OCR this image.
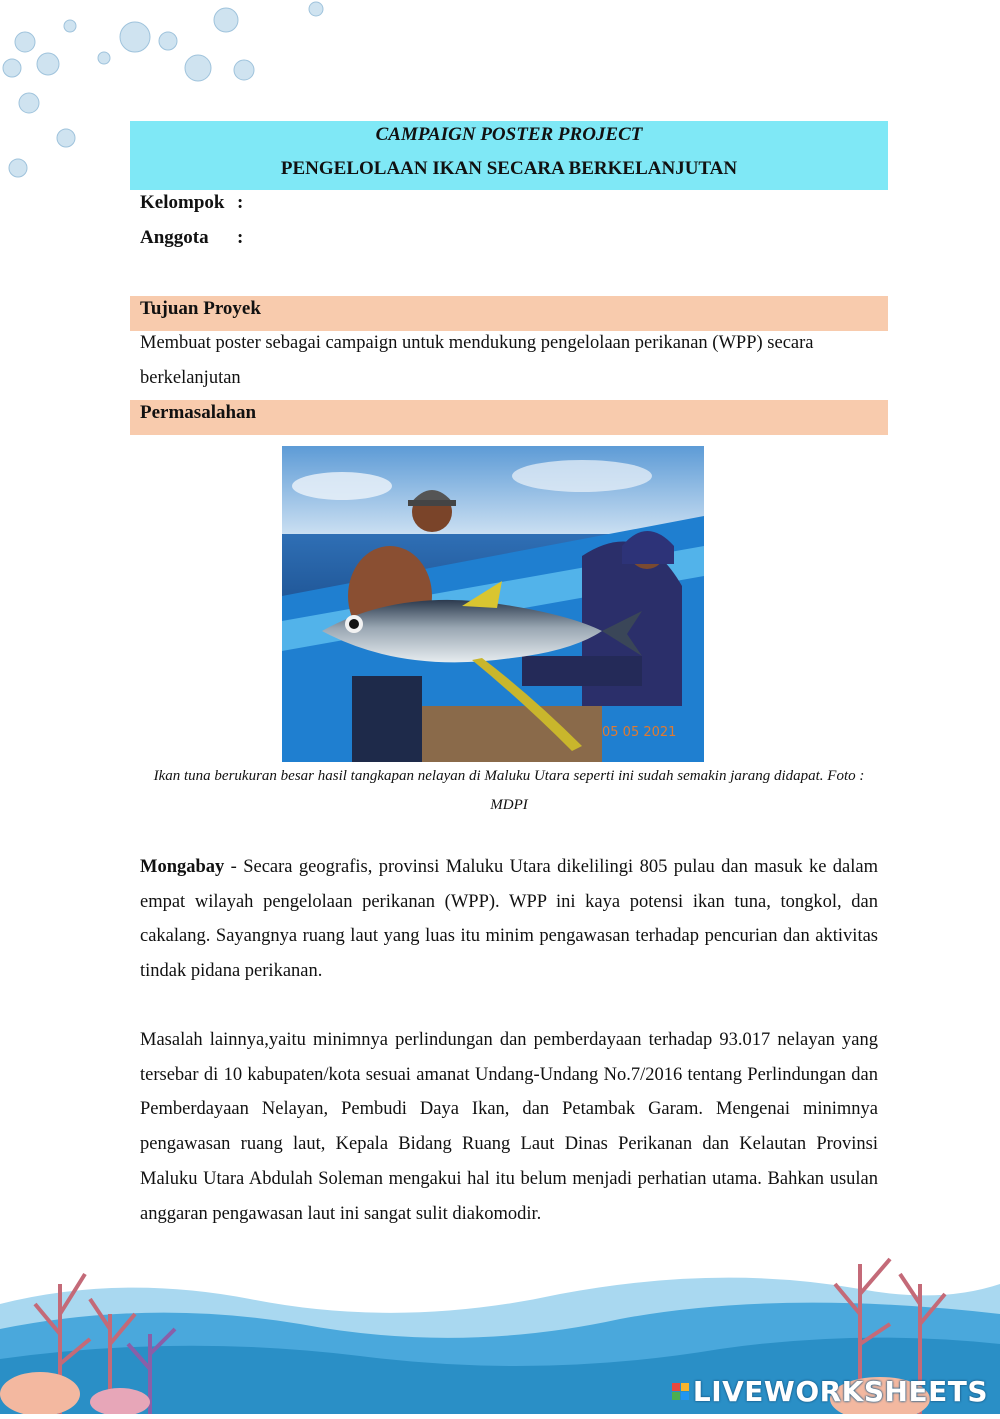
CAMPAIGN POSTER PROJECT
PENGELOLAAN IKAN SECARA BERKELANJUTAN
Kelompok :
Anggota :
Tujuan Proyek
Membuat poster sebagai campaign untuk mendukung pengelolaan perikanan (WPP) secara berkelanjutan
Permasalahan
05 05 2021
Ikan tuna berukuran besar hasil tangkapan nelayan di Maluku Utara seperti ini sudah semakin jarang didapat. Foto : MDPI
Mongabay - Secara geografis, provinsi Maluku Utara dikelilingi 805 pulau dan masuk ke dalam empat wilayah pengelolaan perikanan (WPP). WPP ini kaya potensi ikan tuna, tongkol, dan cakalang. Sayangnya ruang laut yang luas itu minim pengawasan terhadap pencurian dan aktivitas tindak pidana perikanan.
Masalah lainnya,yaitu minimnya perlindungan dan pemberdayaan terhadap 93.017 nelayan yang tersebar di 10 kabupaten/kota sesuai amanat Undang-Undang No.7/2016 tentang Perlindungan dan Pemberdayaan Nelayan, Pembudi Daya Ikan, dan Petambak Garam. Mengenai minimnya pengawasan ruang laut, Kepala Bidang Ruang Laut Dinas Perikanan dan Kelautan Provinsi Maluku Utara Abdulah Soleman mengakui hal itu belum menjadi perhatian utama. Bahkan usulan anggaran pengawasan laut ini sangat sulit diakomodir.
LIVEWORKSHEETS
